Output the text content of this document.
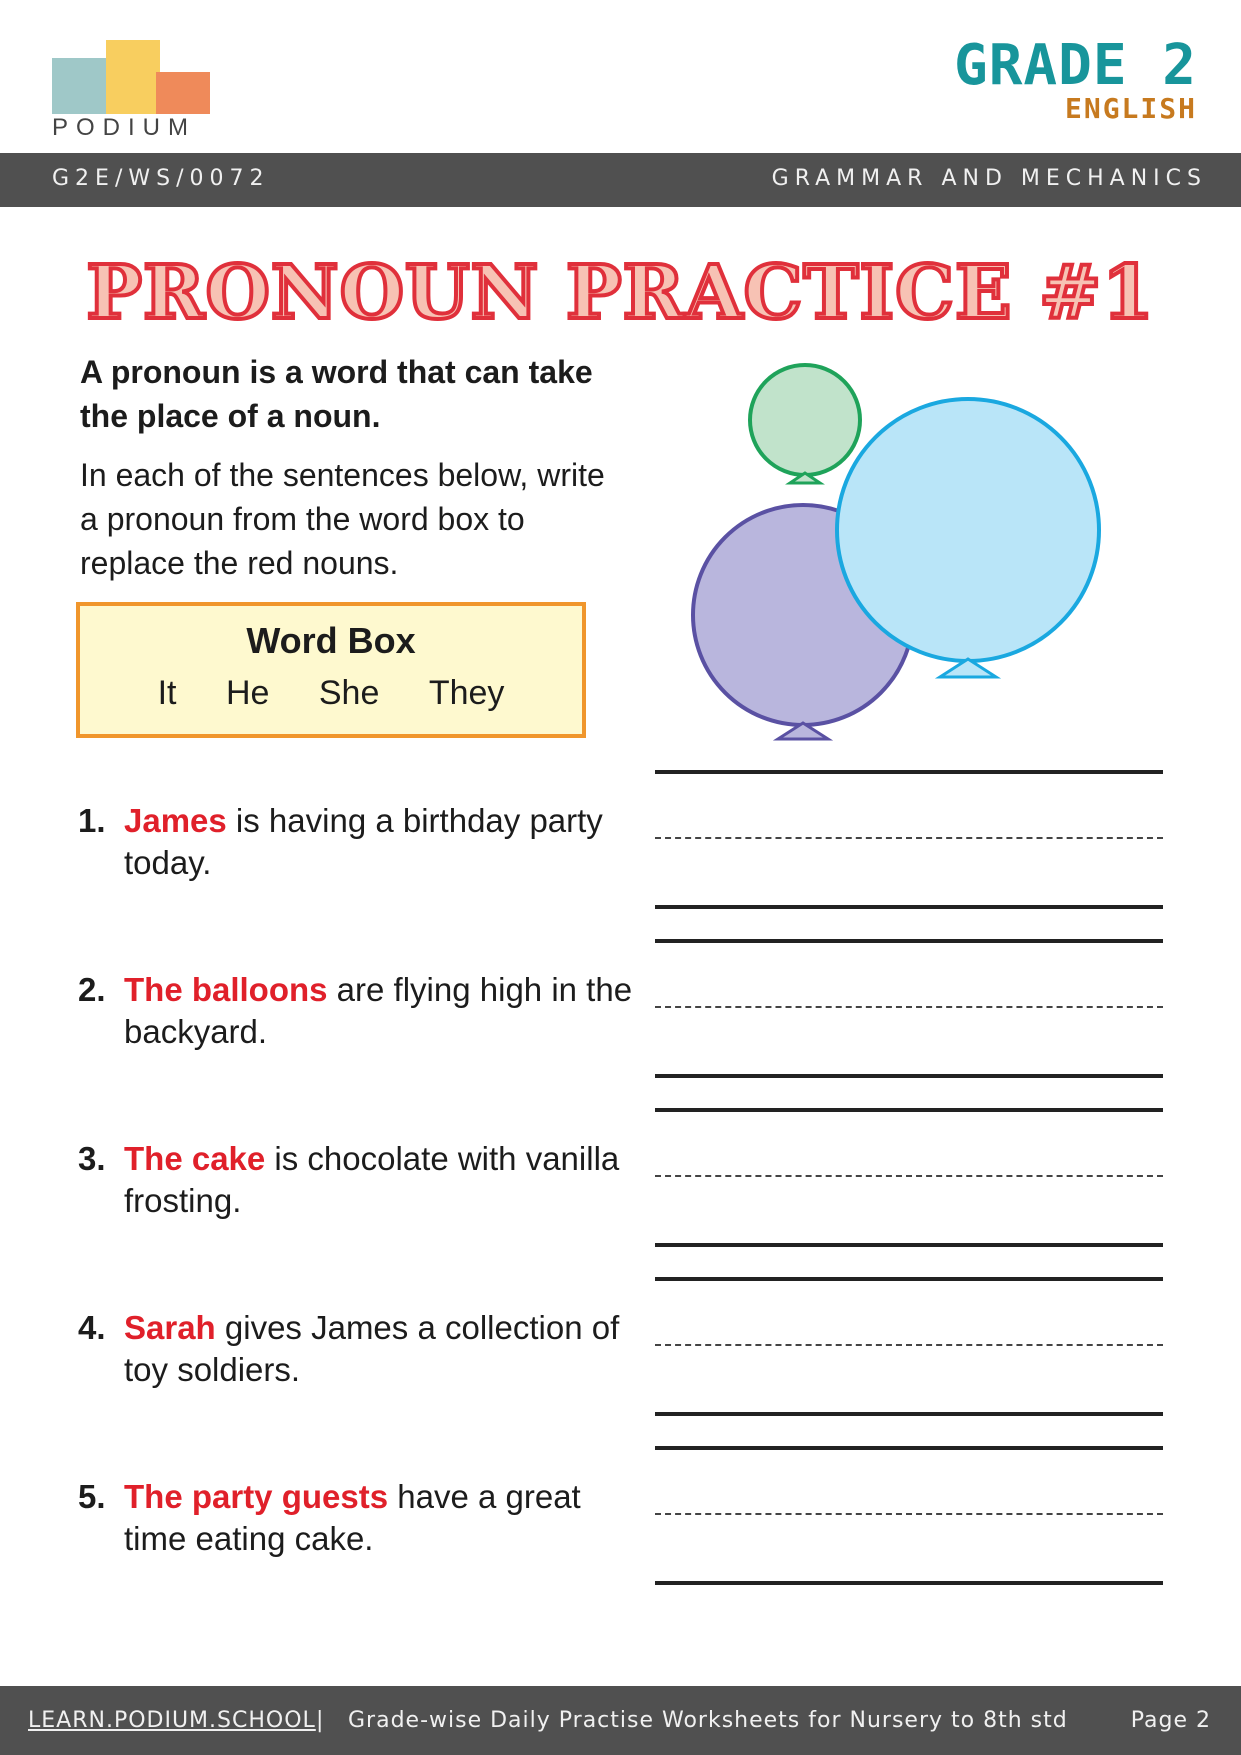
PODIUM
GRADE 2
ENGLISH
G2E/WS/0072	GRAMMAR AND MECHANICS
PRONOUN PRACTICE #1
A pronoun is a word that can take the place of a noun.
In each of the sentences below, write a pronoun from the word box to replace the red nouns.
Word Box
It He She They
1. James is having a birthday party today.
2. The balloons are flying high in the backyard.
3. The cake is chocolate with vanilla frosting.
4. Sarah gives James a collection of toy soldiers.
5. The party guests have a great time eating cake.
LEARN.PODIUM.SCHOOL | Grade-wise Daily Practise Worksheets for Nursery to 8th std	Page 2
